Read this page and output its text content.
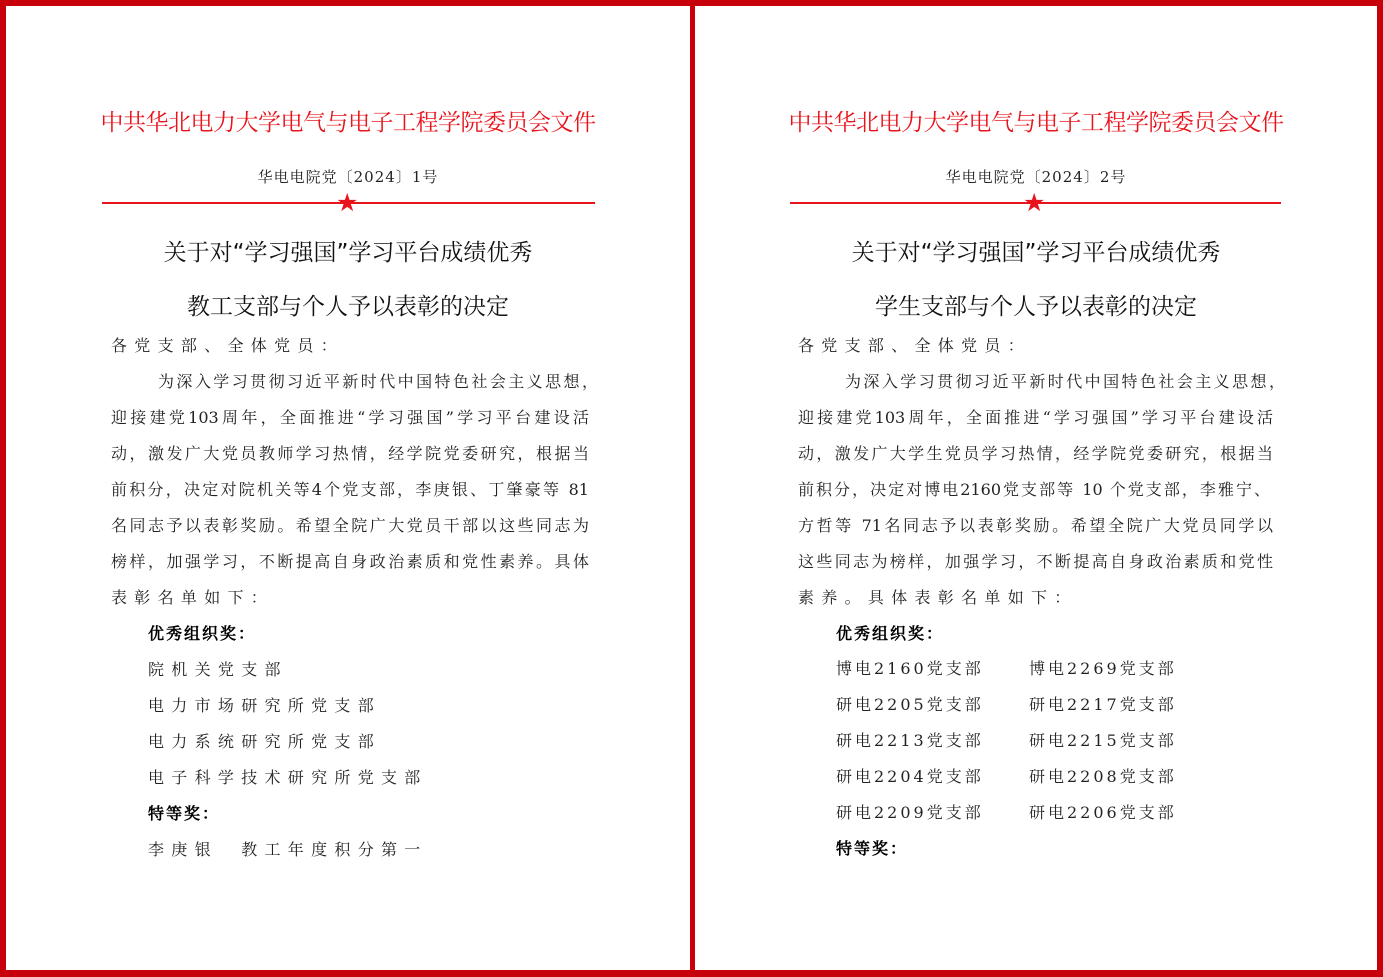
中共华北电力大学电气与电子工程学院委员会文件
华电电院党〔2024〕1号
★
关于对“学习强国”学习平台成绩优秀
教工支部与个人予以表彰的决定
各党支部、全体党员：
为深入学习贯彻习近平新时代中国特色社会主义思想，
迎接建党103周年，全面推进“学习强国”学习平台建设活
动，激发广大党员教师学习热情，经学院党委研究，根据当
前积分，决定对院机关等4个党支部，李庚银、丁肇豪等 81
名同志予以表彰奖励。希望全院广大党员干部以这些同志为
榜样，加强学习，不断提高自身政治素质和党性素养。具体
表彰名单如下：
优秀组织奖：
院机关党支部
电力市场研究所党支部
电力系统研究所党支部
电子科学技术研究所党支部
特等奖：
李庚银　教工年度积分第一
中共华北电力大学电气与电子工程学院委员会文件
华电电院党〔2024〕2号
★
关于对“学习强国”学习平台成绩优秀
学生支部与个人予以表彰的决定
各党支部、全体党员：
为深入学习贯彻习近平新时代中国特色社会主义思想，
迎接建党103周年，全面推进“学习强国”学习平台建设活
动，激发广大学生党员学习热情，经学院党委研究，根据当
前积分，决定对博电2160党支部等 10 个党支部，李雅宁、
方哲等 71名同志予以表彰奖励。希望全院广大党员同学以
这些同志为榜样，加强学习，不断提高自身政治素质和党性
素养。具体表彰名单如下：
优秀组织奖：
博电2160党支部	博电2269党支部
研电2205党支部	研电2217党支部
研电2213党支部	研电2215党支部
研电2204党支部	研电2208党支部
研电2209党支部	研电2206党支部
特等奖：
